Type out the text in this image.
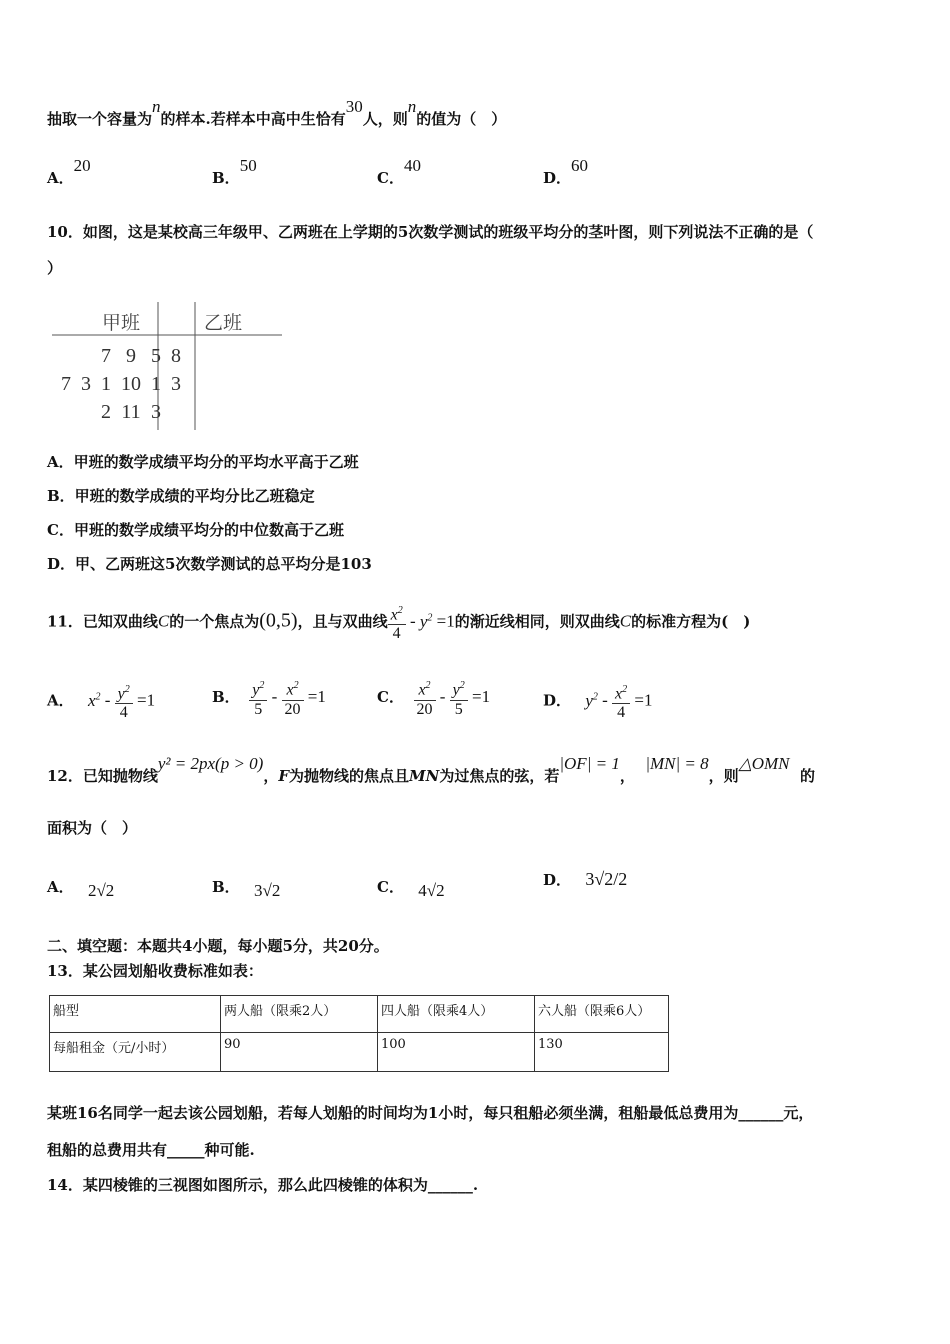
抽取一个容量为n的样本.若样本中高中生恰有30人，则n的值为（　）
A．20
B．50
C．40
D．60
10．如图，这是某校高三年级甲、乙两班在上学期的5次数学测试的班级平均分的茎叶图，则下列说法不正确的是（
）
甲班	乙班
		7	9	5	8
7	3	1	10	1	3
		2	11	3	
A．甲班的数学成绩平均分的平均水平高于乙班
B．甲班的数学成绩的平均分比乙班稳定
C．甲班的数学成绩平均分的中位数高于乙班
D．甲、乙两班这5次数学测试的总平均分是103
11．已知双曲线C的一个焦点为(0,5)，且与双曲线 $\frac{x^2}{4} - y^2 =1$的渐近线相同，则双曲线C的标准方程为(　)
A． $x^2 - \frac{y^2}{4} =1$	B． $\frac{y^2}{5} - \frac{x^2}{20} =1$	C． $\frac{x^2}{20} - \frac{y^2}{5} =1$	D． $y^2 - \frac{x^2}{4} =1$
12．已知抛物线y² = 2px(p > 0)，F为抛物线的焦点且MN为过焦点的弦，若|OF| = 1，  |MN| = 8，则△OMN  的
面积为（　）
A． 2√2	B． 3√2	C． 4√2
D． 3√2/2
二、填空题：本题共4小题，每小题5分，共20分。
13．某公园划船收费标准如表：
船型	两人船（限乘2人）	四人船（限乘4人）	六人船（限乘6人）
每船租金（元/小时）	90	100	130
某班16名同学一起去该公园划船，若每人划船的时间均为1小时，每只租船必须坐满，租船最低总费用为______元，
租船的总费用共有_____种可能.
14．某四棱锥的三视图如图所示，那么此四棱锥的体积为______.
